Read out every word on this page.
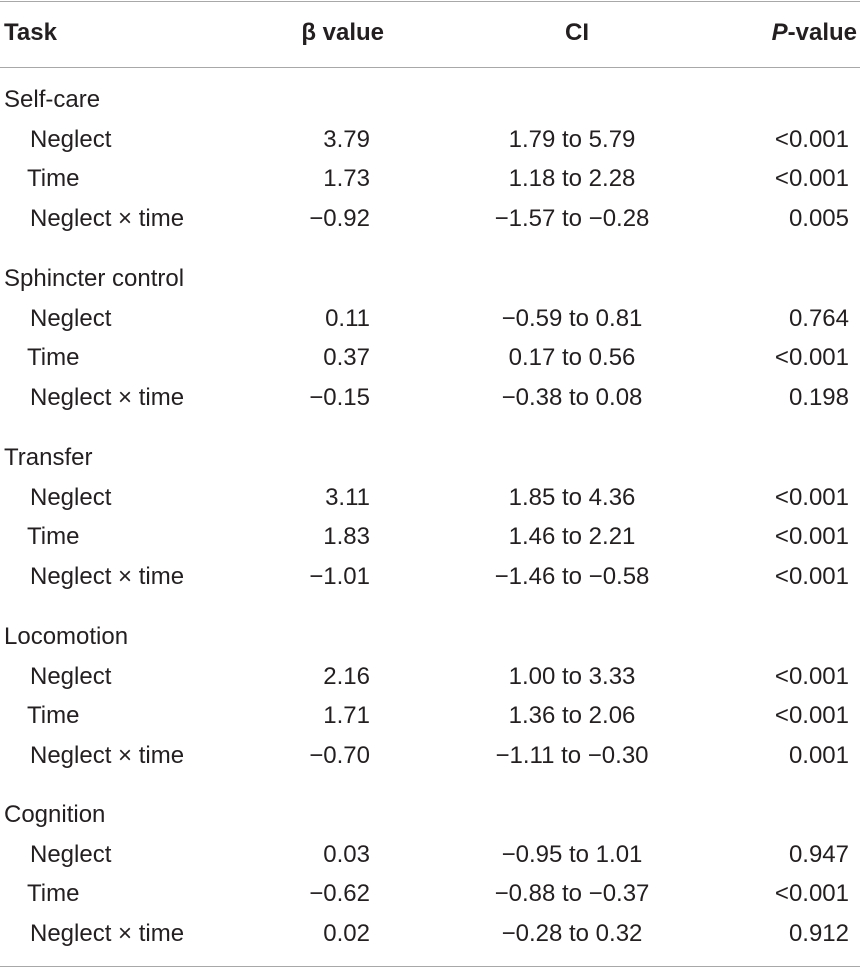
Task	β value	CI	P-value
Self-care
Neglect	3.79	1.79 to 5.79	<0.001
Time	1.73	1.18 to 2.28	<0.001
Neglect × time	−0.92	−1.57 to −0.28	0.005
Sphincter control
Neglect	0.11	−0.59 to 0.81	0.764
Time	0.37	0.17 to 0.56	<0.001
Neglect × time	−0.15	−0.38 to 0.08	0.198
Transfer
Neglect	3.11	1.85 to 4.36	<0.001
Time	1.83	1.46 to 2.21	<0.001
Neglect × time	−1.01	−1.46 to −0.58	<0.001
Locomotion
Neglect	2.16	1.00 to 3.33	<0.001
Time	1.71	1.36 to 2.06	<0.001
Neglect × time	−0.70	−1.11 to −0.30	0.001
Cognition
Neglect	0.03	−0.95 to 1.01	0.947
Time	−0.62	−0.88 to −0.37	<0.001
Neglect × time	0.02	−0.28 to 0.32	0.912
